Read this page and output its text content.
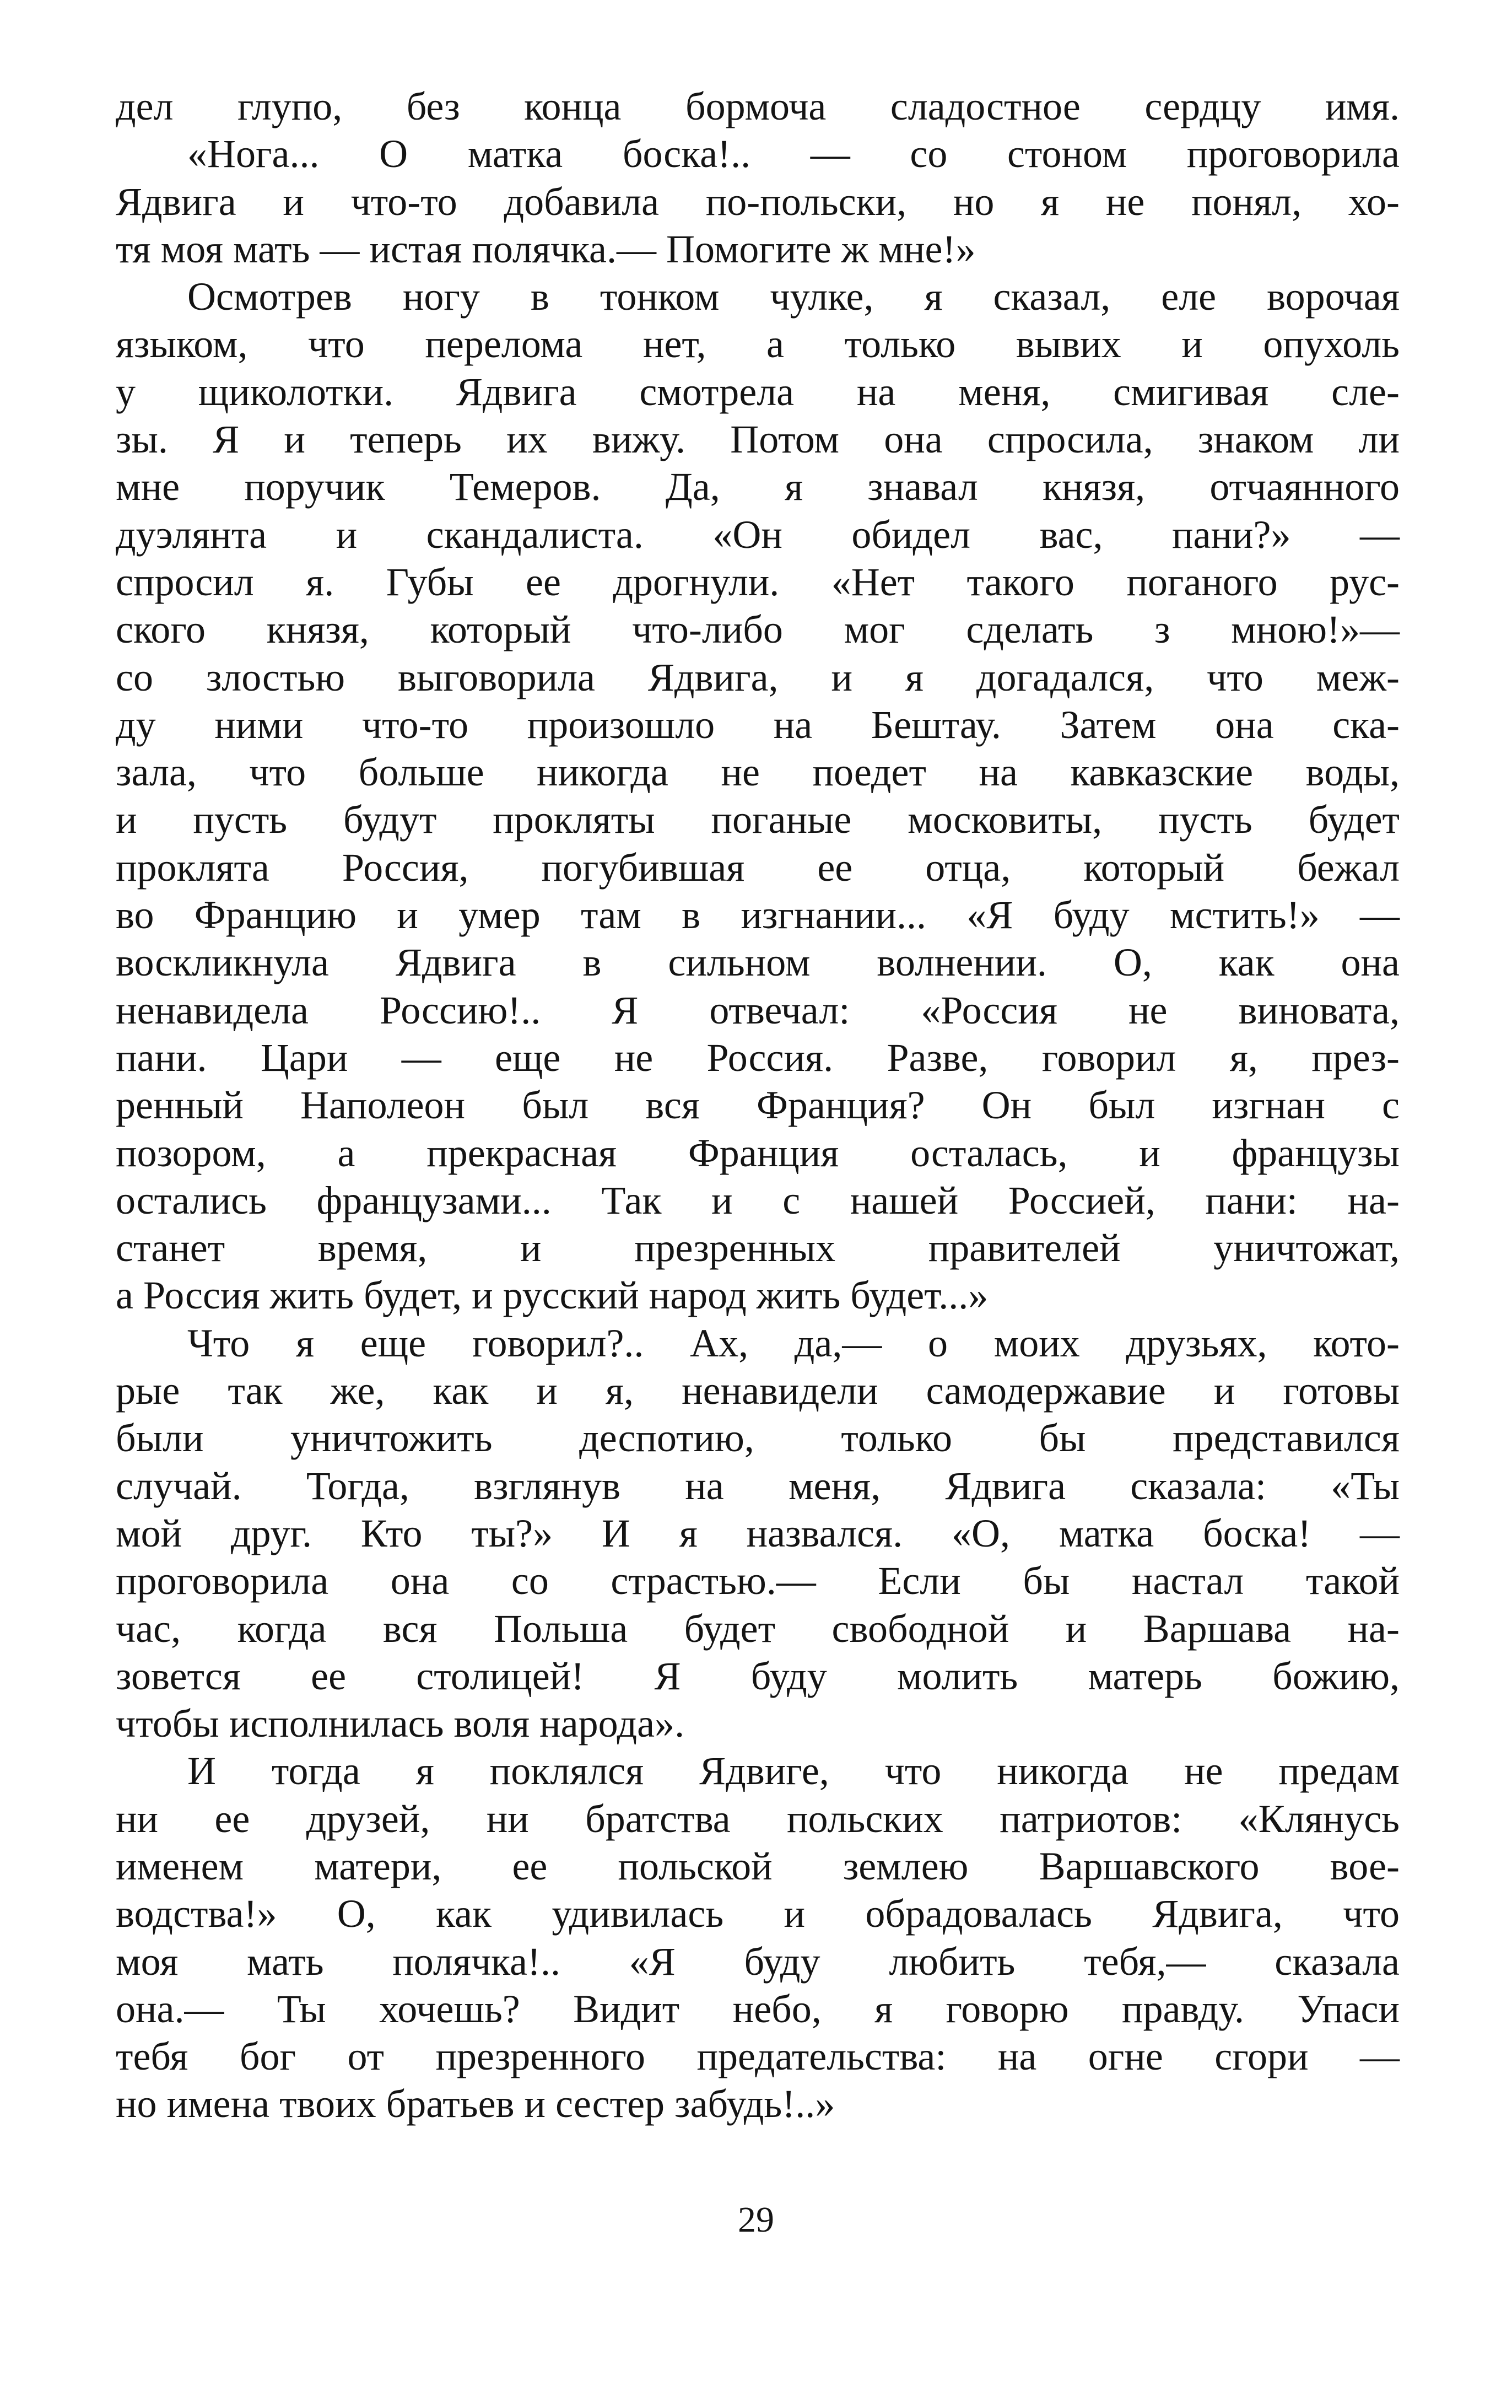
дел глупо, без конца бормоча сладостное сердцу имя.
«Нога... О матка боска!.. — со стоном проговорила
Ядвига и что-то добавила по-польски, но я не понял, хо-
тя моя мать — истая полячка.— Помогите ж мне!»
Осмотрев ногу в тонком чулке, я сказал, еле ворочая
языком, что перелома нет, а только вывих и опухоль
у щиколотки. Ядвига смотрела на меня, смигивая сле-
зы. Я и теперь их вижу. Потом она спросила, знаком ли
мне поручик Темеров. Да, я знавал князя, отчаянного
дуэлянта и скандалиста. «Он обидел вас, пани?» —
спросил я. Губы ее дрогнули. «Нет такого поганого рус-
ского князя, который что-либо мог сделать з мною!»—
со злостью выговорила Ядвига, и я догадался, что меж-
ду ними что-то произошло на Бештау. Затем она ска-
зала, что больше никогда не поедет на кавказские воды,
и пусть будут прокляты поганые московиты, пусть будет
проклята Россия, погубившая ее отца, который бежал
во Францию и умер там в изгнании... «Я буду мстить!» —
воскликнула Ядвига в сильном волнении. О, как она
ненавидела Россию!.. Я отвечал: «Россия не виновата,
пани. Цари — еще не Россия. Разве, говорил я, през-
ренный Наполеон был вся Франция? Он был изгнан с
позором, а прекрасная Франция осталась, и французы
остались французами... Так и с нашей Россией, пани: на-
станет время, и презренных правителей уничтожат,
а Россия жить будет, и русский народ жить будет...»
Что я еще говорил?.. Ах, да,— о моих друзьях, кото-
рые так же, как и я, ненавидели самодержавие и готовы
были уничтожить деспотию, только бы представился
случай. Тогда, взглянув на меня, Ядвига сказала: «Ты
мой друг. Кто ты?» И я назвался. «О, матка боска! —
проговорила она со страстью.— Если бы настал такой
час, когда вся Польша будет свободной и Варшава на-
зовется ее столицей! Я буду молить матерь божию,
чтобы исполнилась воля народа».
И тогда я поклялся Ядвиге, что никогда не предам
ни ее друзей, ни братства польских патриотов: «Клянусь
именем матери, ее польской землею Варшавского вое-
водства!» О, как удивилась и обрадовалась Ядвига, что
моя мать полячка!.. «Я буду любить тебя,— сказала
она.— Ты хочешь? Видит небо, я говорю правду. Упаси
тебя бог от презренного предательства: на огне сгори —
но имена твоих братьев и сестер забудь!..»
29
